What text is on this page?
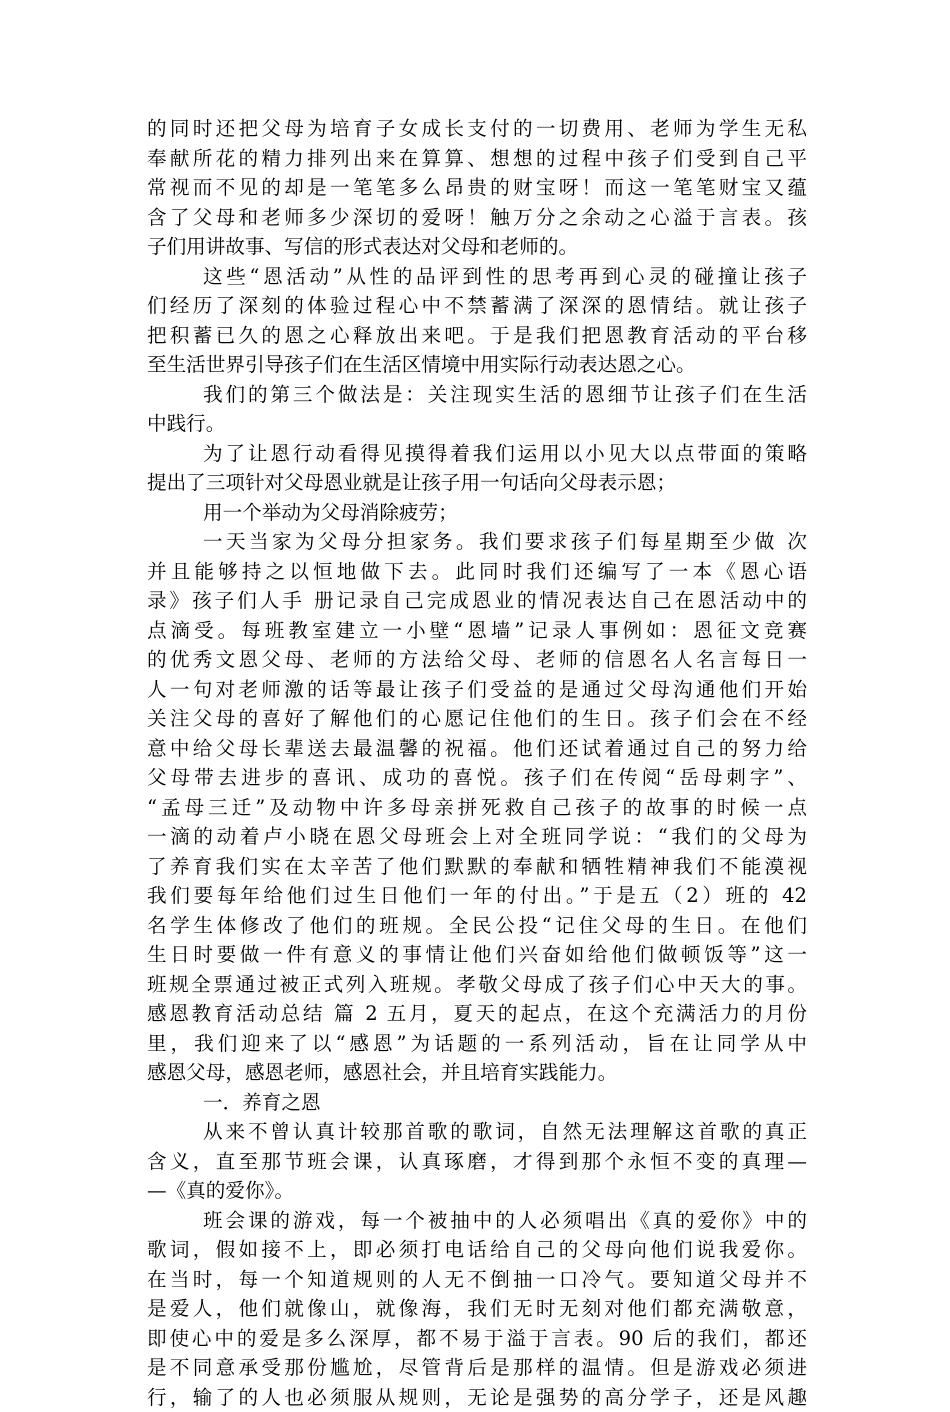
的同时还把父母为培育子女成长支付的一切费用、老师为学生无私
奉献所花的精力排列出来在算算、想想的过程中孩子们受到自己平
常视而不见的却是一笔笔多么昂贵的财宝呀！而这一笔笔财宝又蕴
含了父母和老师多少深切的爱呀！触万分之余动之心溢于言表。孩
子们用讲故事、写信的形式表达对父母和老师的。
这些“恩活动”从性的品评到性的思考再到心灵的碰撞让孩子
们经历了深刻的体验过程心中不禁蓄满了深深的恩情结。就让孩子
把积蓄已久的恩之心释放出来吧。于是我们把恩教育活动的平台移
至生活世界引导孩子们在生活区情境中用实际行动表达恩之心。
我们的第三个做法是：关注现实生活的恩细节让孩子们在生活
中践行。
为了让恩行动看得见摸得着我们运用以小见大以点带面的策略
提出了三项针对父母恩业就是让孩子用一句话向父母表示恩；
用一个举动为父母消除疲劳；
一天当家为父母分担家务。我们要求孩子们每星期至少做 次
并且能够持之以恒地做下去。此同时我们还编写了一本《恩心语
录》孩子们人手 册记录自己完成恩业的情况表达自己在恩活动中的
点滴受。每班教室建立一小壁“恩墙”记录人事例如：恩征文竞赛
的优秀文恩父母、老师的方法给父母、老师的信恩名人名言每日一
人一句对老师激的话等最让孩子们受益的是通过父母沟通他们开始
关注父母的喜好了解他们的心愿记住他们的生日。孩子们会在不经
意中给父母长辈送去最温馨的祝福。他们还试着通过自己的努力给
父母带去进步的喜讯、成功的喜悦。孩子们在传阅“岳母刺字”、
“孟母三迁”及动物中许多母亲拼死救自己孩子的故事的时候一点
一滴的动着卢小晓在恩父母班会上对全班同学说：“我们的父母为
了养育我们实在太辛苦了他们默默的奉献和牺牲精神我们不能漠视
我们要每年给他们过生日他们一年的付出。”于是五（2）班的 42
名学生体修改了他们的班规。全民公投“记住父母的生日。在他们
生日时要做一件有意义的事情让他们兴奋如给他们做顿饭等”这一
班规全票通过被正式列入班规。孝敬父母成了孩子们心中天大的事。
感恩教育活动总结 篇 2 五月，夏天的起点，在这个充满活力的月份
里，我们迎来了以“感恩”为话题的一系列活动，旨在让同学从中
感恩父母，感恩老师，感恩社会，并且培育实践能力。
一．养育之恩
从来不曾认真计较那首歌的歌词，自然无法理解这首歌的真正
含义，直至那节班会课，认真琢磨，才得到那个永恒不变的真理—
—《真的爱你》。
班会课的游戏，每一个被抽中的人必须唱出《真的爱你》中的
歌词，假如接不上，即必须打电话给自己的父母向他们说我爱你。
在当时，每一个知道规则的人无不倒抽一口冷气。要知道父母并不
是爱人，他们就像山，就像海，我们无时无刻对他们都充满敬意，
即使心中的爱是多么深厚，都不易于溢于言表。90 后的我们，都还
是不同意承受那份尴尬，尽管背后是那样的温情。但是游戏必须进
行，输了的人也必须服从规则，无论是强势的高分学子，还是风趣
